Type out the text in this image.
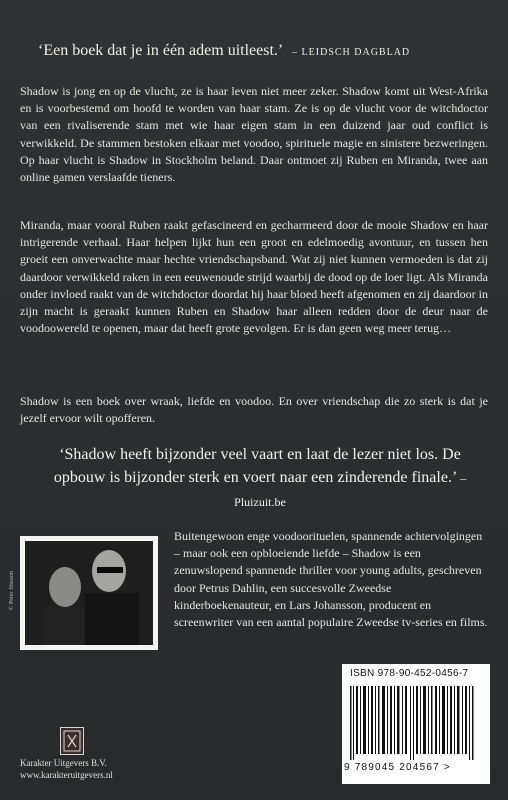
‘Een boek dat je in één adem uitleest.’ – LEIDSCH DAGBLAD

Shadow is jong en op de vlucht, ze is haar leven niet meer zeker. Shadow komt uit West-Afrika en is voorbestemd om hoofd te worden van haar stam. Ze is op de vlucht voor de witchdoctor van een rivaliserende stam met wie haar eigen stam in een duizend jaar oud conflict is verwikkeld. De stammen bestoken elkaar met voodoo, spirituele magie en sinistere bezweringen. Op haar vlucht is Shadow in Stockholm beland. Daar ontmoet zij Ruben en Miranda, twee aan online gamen verslaafde tieners.

Miranda, maar vooral Ruben raakt gefascineerd en gecharmeerd door de mooie Shadow en haar intrigerende verhaal. Haar helpen lijkt hun een groot en edelmoedig avontuur, en tussen hen groeit een onverwachte maar hechte vriendschapsband. Wat zij niet kunnen vermoeden is dat zij daardoor verwikkeld raken in een eeuwenoude strijd waarbij de dood op de loer ligt. Als Miranda onder invloed raakt van de witchdoctor doordat hij haar bloed heeft afgenomen en zij daardoor in zijn macht is geraakt kunnen Ruben en Shadow haar alleen redden door de deur naar de voodoowereld te openen, maar dat heeft grote gevolgen. Er is dan geen weg meer terug…

Shadow is een boek over wraak, liefde en voodoo. En over vriendschap die zo sterk is dat je jezelf ervoor wilt opofferen.

‘Shadow heeft bijzonder veel vaart en laat de lezer niet los. De opbouw is bijzonder sterk en voert naar een zinderende finale.’ – Pluizuit.be
© Peter Jönsson

Buitengewoon enge voodoorituelen, spannende achtervolgingen – maar ook een opbloeiende liefde – Shadow is een zenuwslopend spannende thriller voor young adults, geschreven door Petrus Dahlin, een succesvolle Zweedse kinderboekenauteur, en Lars Johansson, producent en screenwriter van een aantal populaire Zweedse tv-series en films.

Karakter Uitgevers B.V.
www.karakteruitgevers.nl
ISBN 978-90-452-0456-7
9 789045 204567 >
